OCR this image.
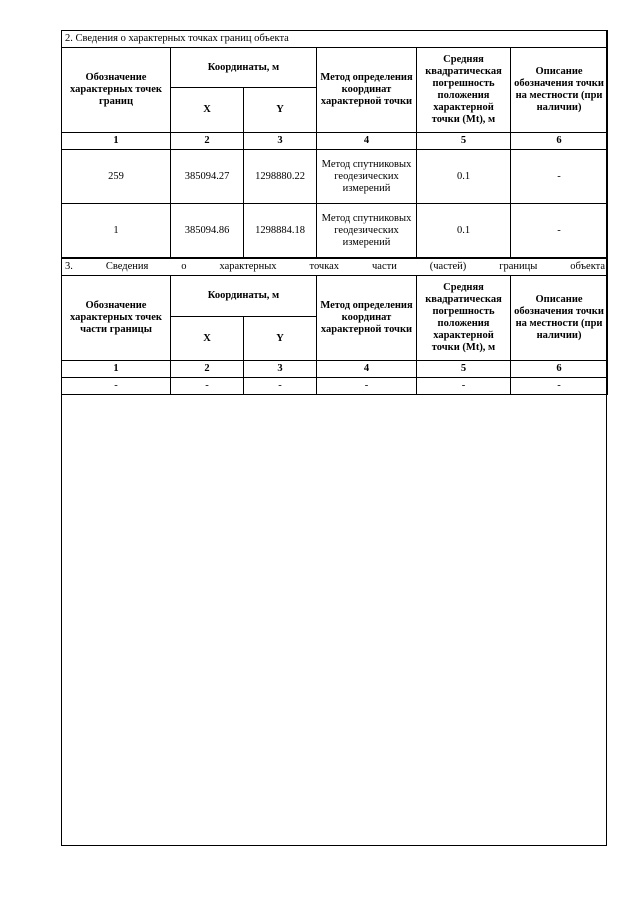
2. Сведения о характерных точках границ объекта					
Обозначение характерных точек границ	Координаты, м		Метод определения координат характерной точки	Средняя квадратическая погрешность положения характерной точки (Mt), м	Описание обозначения точки на местности (при наличии)
	X	Y			
1	2	3	4	5	6
259	385094.27	1298880.22	Метод спутниковых геодезических измерений	0.1	-
1	385094.86	1298884.18	Метод спутниковых геодезических измерений	0.1	-
3. Сведения о характерных точках части (частей) границы объекта					
Обозначение характерных точек части границы	Координаты, м		Метод определения координат характерной точки	Средняя квадратическая погрешность положения характерной точки (Mt), м	Описание обозначения точки на местности (при наличии)
	X	Y			
1	2	3	4	5	6
-	-	-	-	-	-
